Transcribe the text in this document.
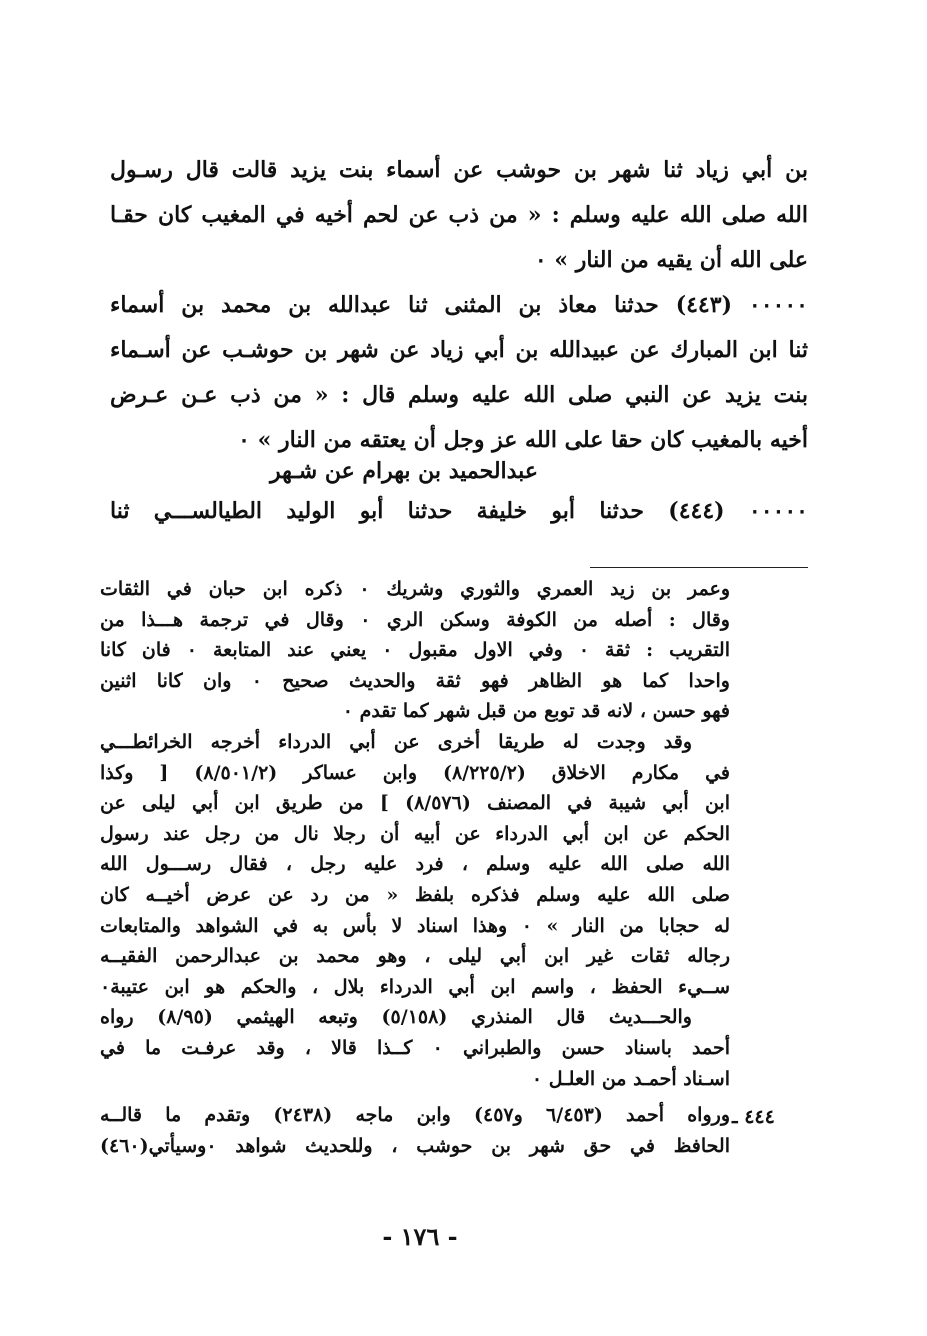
بن أبي زياد ثنا شهر بن حوشب عن أسماء بنت يزيد قالت قال رسـول
الله صلى الله عليه وسلم : « من ذب عن لحم أخيه في المغيب كان حقـا
على الله أن يقيه من النار » ٠
٠٠٠٠٠ (٤٤٣) حدثنا معاذ بن المثنى ثنا عبدالله بن محمد بن أسماء
ثنا ابن المبارك عن عبيدالله بن أبي زياد عن شهر بن حوشـب عن أسـماء
بنت يزيد عن النبي صلى الله عليه وسلم قال : « من ذب عـن عـرض
أخيه بالمغيب كان حقا على الله عز وجل أن يعتقه من النار » ٠
عبدالحميد بن بهرام عن شـهر
٠٠٠٠٠ (٤٤٤) حدثنا أبو خليفة حدثنا أبو الوليد الطيالســـي ثنا
وعمر بن زيد العمري والثوري وشريك ٠ ذكره ابن حبان في الثقات
وقال : أصله من الكوفة وسكن الري ٠ وقال في ترجمة هـــذا من
التقريب : ثقة ٠ وفي الاول مقبول ٠ يعني عند المتابعة ٠ فان كانا
واحدا كما هو الظاهر فهو ثقة والحديث صحيح ٠ وان كانا اثنين
فهو حسن ، لانه قد توبع من قبل شهر كما تقدم ٠
وقد وجدت له طريقا أخرى عن أبي الدرداء أخرجه الخرائطـــي
في مكارم الاخلاق (٨/٢٢٥/٢) وابن عساكر (٨/٥٠١/٢) [ وكذا
ابن أبي شيبة في المصنف (٨/٥٧٦) ] من طريق ابن أبي ليلى عن
الحكم عن ابن أبي الدرداء عن أبيه أن رجلا نال من رجل عند رسول
الله صلى الله عليه وسلم ، فرد عليه رجل ، فقال رســـول الله
صلى الله عليه وسلم فذكره بلفظ « من رد عن عرض أخيــه كان
له حجابا من النار » ٠ وهذا اسناد لا بأس به في الشواهد والمتابعات
رجاله ثقات غير ابن أبي ليلى ، وهو محمد بن عبدالرحمن الفقيــه
ســيء الحفظ ، واسم ابن أبي الدرداء بلال ، والحكم هو ابن عتيبة٠
والحـــديث قال المنذري (٥/١٥٨) وتبعه الهيثمي (٨/٩٥) رواه
أحمد باسناد حسن والطبراني ٠ كــذا قالا ، وقد عرفـت ما في
اسـناد أحمـد من العلـل ٠
٤٤٤ ـ
ورواه أحمد (٦/٤٥٣ و٤٥٧) وابن ماجه (٢٤٣٨) وتقدم ما قالــه
الحافظ في حق شهر بن حوشب ، وللحديث شواهد ٠وسيأتي(٤٦٠)
- ١٧٦ -
